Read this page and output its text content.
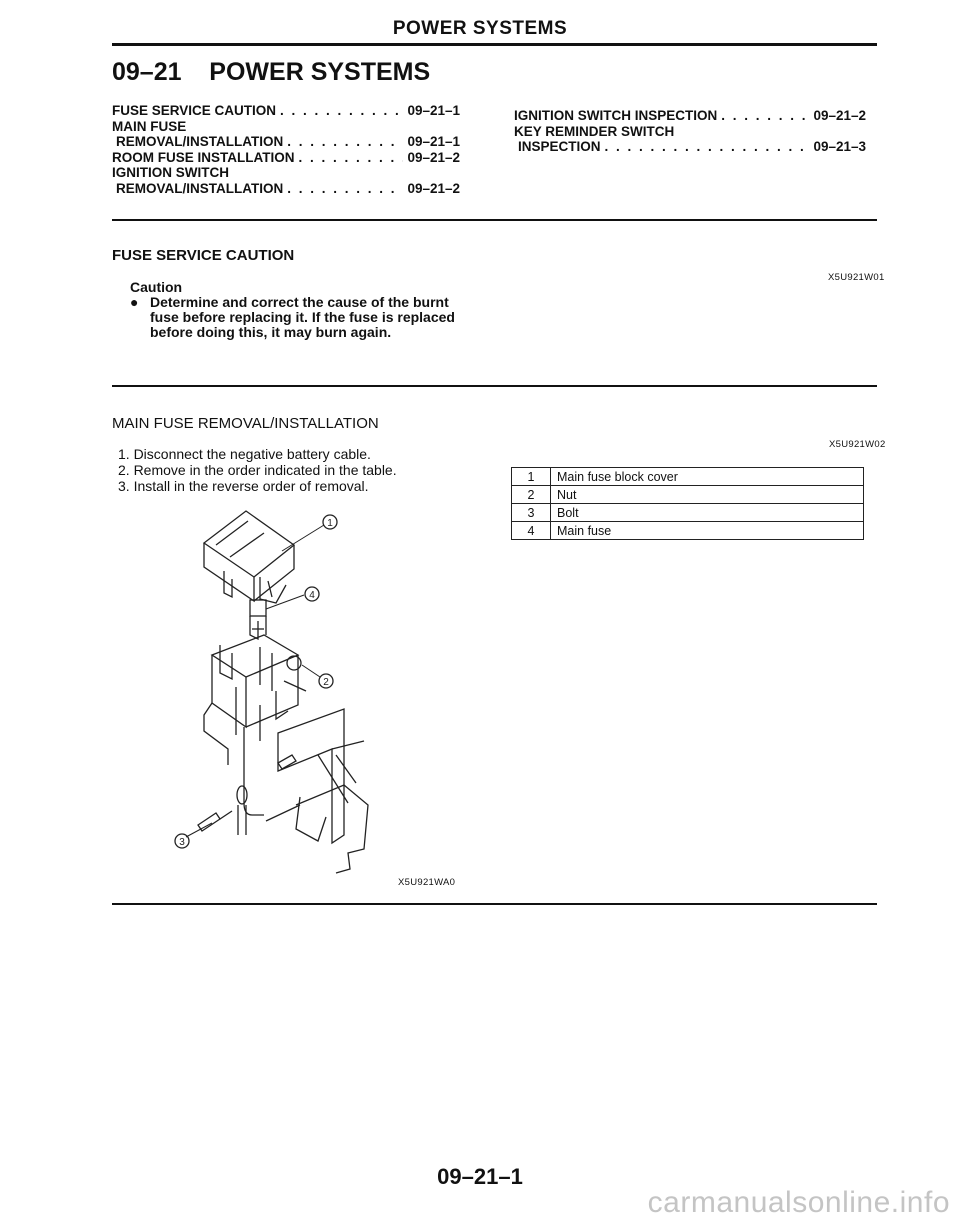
POWER SYSTEMS
09–21    POWER SYSTEMS
FUSE SERVICE CAUTION . . .	09–21–1
MAIN FUSE
REMOVAL/INSTALLATION . . .	09–21–1
ROOM FUSE INSTALLATION . . .	09–21–2
IGNITION SWITCH
REMOVAL/INSTALLATION . . .	09–21–2
IGNITION SWITCH INSPECTION . . .	09–21–2
KEY REMINDER SWITCH
INSPECTION . . .	09–21–3
FUSE SERVICE CAUTION
X5U921W01
Caution
● Determine and correct the cause of the burnt fuse before replacing it. If the fuse is replaced before doing this, it may burn again.
MAIN FUSE REMOVAL/INSTALLATION
X5U921W02
1. Disconnect the negative battery cable.
2. Remove in the order indicated in the table.
3. Install in the reverse order of removal.
1	Main fuse block cover
2	Nut
3	Bolt
4	Main fuse
1
4
2
3
X5U921WA0
09–21–1
carmanualsonline.info
